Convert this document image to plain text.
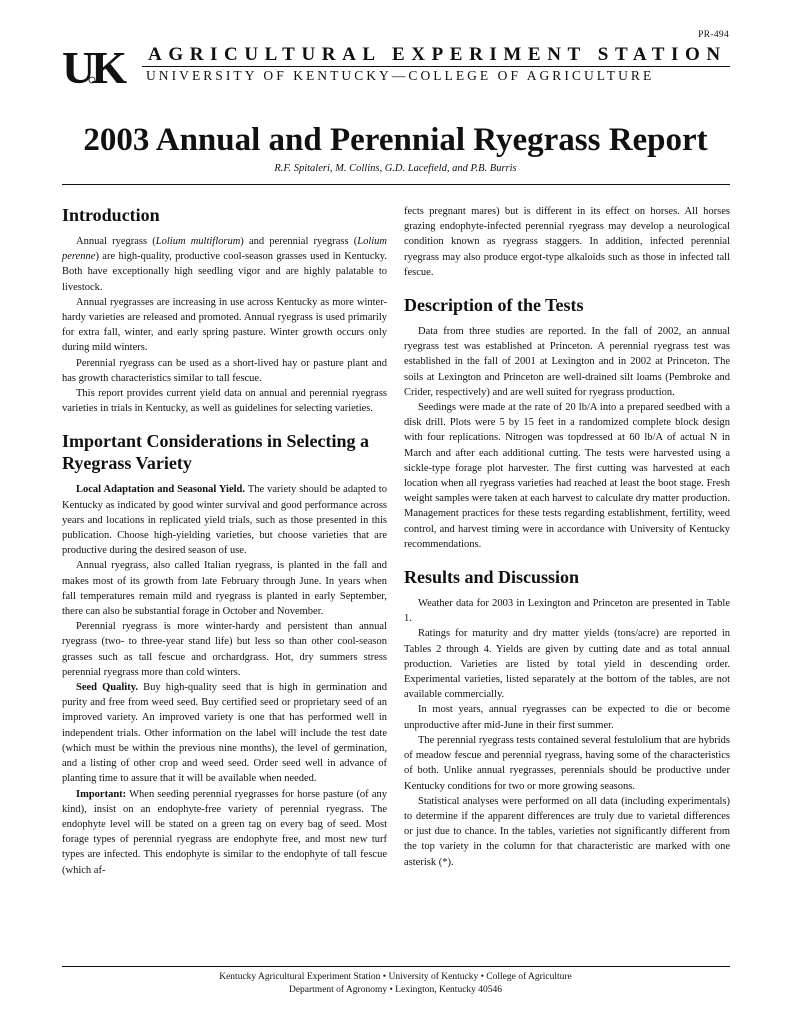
PR-494
UK AGRICULTURAL EXPERIMENT STATION
UNIVERSITY OF KENTUCKY—COLLEGE OF AGRICULTURE
2003 Annual and Perennial Ryegrass Report
R.F. Spitaleri, M. Collins, G.D. Lacefield, and P.B. Burris
Introduction

Annual ryegrass (Lolium multiflorum) and perennial ryegrass (Lolium perenne) are high-quality, productive cool-season grasses used in Kentucky. Both have exceptionally high seedling vigor and are highly palatable to livestock.

Annual ryegrasses are increasing in use across Kentucky as more winter-hardy varieties are released and promoted. Annual ryegrass is used primarily for extra fall, winter, and early spring pasture. Winter growth occurs only during mild winters.

Perennial ryegrass can be used as a short-lived hay or pasture plant and has growth characteristics similar to tall fescue.

This report provides current yield data on annual and perennial ryegrass varieties in trials in Kentucky, as well as guidelines for selecting varieties.

Important Considerations in Selecting a Ryegrass Variety

Local Adaptation and Seasonal Yield. The variety should be adapted to Kentucky as indicated by good winter survival and good performance across years and locations in replicated yield trials, such as those presented in this publication. Choose high-yielding varieties, but choose varieties that are productive during the desired season of use.

Annual ryegrass, also called Italian ryegrass, is planted in the fall and makes most of its growth from late February through June. In years when fall temperatures remain mild and ryegrass is planted in early September, there can also be substantial forage in October and November.

Perennial ryegrass is more winter-hardy and persistent than annual ryegrass (two- to three-year stand life) but less so than other cool-season grasses such as tall fescue and orchardgrass. Hot, dry summers stress perennial ryegrass more than cold winters.

Seed Quality. Buy high-quality seed that is high in germination and purity and free from weed seed. Buy certified seed or proprietary seed of an improved variety. An improved variety is one that has performed well in independent trials. Other information on the label will include the test date (which must be within the previous nine months), the level of germination, and a listing of other crop and weed seed. Order seed well in advance of planting time to assure that it will be available when needed.

Important: When seeding perennial ryegrasses for horse pasture (of any kind), insist on an endophyte-free variety of perennial ryegrass. The endophyte level will be stated on a green tag on every bag of seed. Most forage types of perennial ryegrass are endophyte free, and most new turf types are infected. This endophyte is similar to the endophyte of tall fescue (which af-

fects pregnant mares) but is different in its effect on horses. All horses grazing endophyte-infected perennial ryegrass may develop a neurological condition known as ryegrass staggers. In addition, infected perennial ryegrass may also produce ergot-type alkaloids such as those in infected tall fescue.

Description of the Tests

Data from three studies are reported. In the fall of 2002, an annual ryegrass test was established at Princeton. A perennial ryegrass test was established in the fall of 2001 at Lexington and in 2002 at Princeton. The soils at Lexington and Princeton are well-drained silt loams (Pembroke and Crider, respectively) and are well suited for ryegrass production.

Seedings were made at the rate of 20 lb/A into a prepared seedbed with a disk drill. Plots were 5 by 15 feet in a randomized complete block design with four replications. Nitrogen was topdressed at 60 lb/A of actual N in March and after each additional cutting. The tests were harvested using a sickle-type forage plot harvester. The first cutting was harvested at each location when all ryegrass varieties had reached at least the boot stage. Fresh weight samples were taken at each harvest to calculate dry matter production. Management practices for these tests regarding establishment, fertility, weed control, and harvest timing were in accordance with University of Kentucky recommendations.

Results and Discussion

Weather data for 2003 in Lexington and Princeton are presented in Table 1.

Ratings for maturity and dry matter yields (tons/acre) are reported in Tables 2 through 4. Yields are given by cutting date and as total annual production. Varieties are listed by total yield in descending order. Experimental varieties, listed separately at the bottom of the tables, are not available commercially.

In most years, annual ryegrasses can be expected to die or become unproductive after mid-June in their first summer.

The perennial ryegrass tests contained several festulolium that are hybrids of meadow fescue and perennial ryegrass, having some of the characteristics of both. Unlike annual ryegrasses, perennials should be productive under Kentucky conditions for two or more growing seasons.

Statistical analyses were performed on all data (including experimentals) to determine if the apparent differences are truly due to varietal differences or just due to chance. In the tables, varieties not significantly different from the top variety in the column for that characteristic are marked with one asterisk (*).

Kentucky Agricultural Experiment Station • University of Kentucky • College of Agriculture
Department of Agronomy • Lexington, Kentucky 40546
